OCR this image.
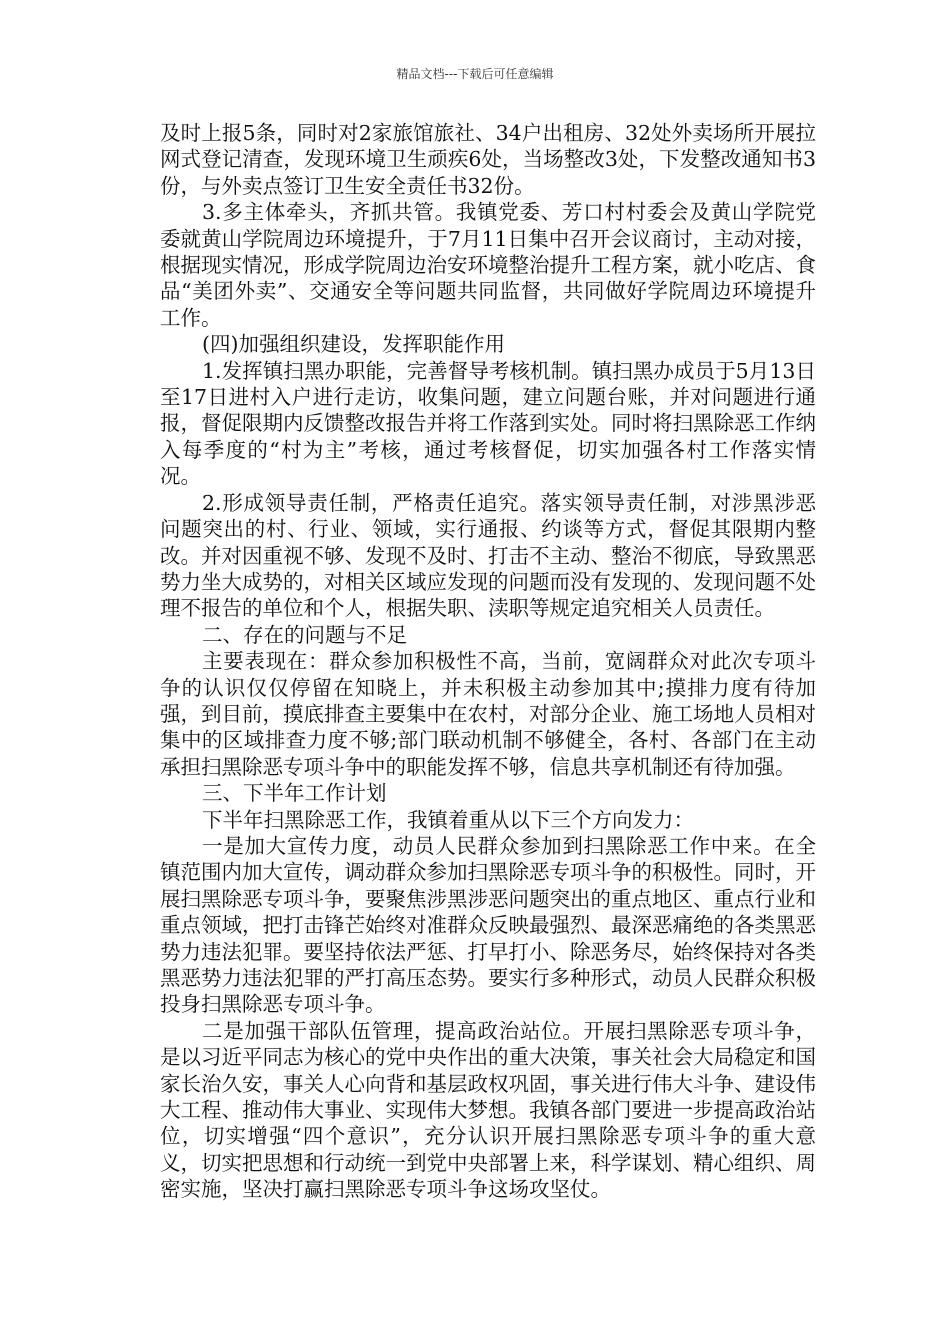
精品文档---下载后可任意编辑

及时上报5条，同时对2家旅馆旅社、34户出租房、32处外卖场所开展拉网式登记清查，发现环境卫生顽疾6处，当场整改3处，下发整改通知书3份，与外卖点签订卫生安全责任书32份。

3.多主体牵头，齐抓共管。我镇党委、芳口村村委会及黄山学院党委就黄山学院周边环境提升，于7月11日集中召开会议商讨，主动对接，根据现实情况，形成学院周边治安环境整治提升工程方案，就小吃店、食品“美团外卖”、交通安全等问题共同监督，共同做好学院周边环境提升工作。

(四)加强组织建设，发挥职能作用

1.发挥镇扫黑办职能，完善督导考核机制。镇扫黑办成员于5月13日至17日进村入户进行走访，收集问题，建立问题台账，并对问题进行通报，督促限期内反馈整改报告并将工作落到实处。同时将扫黑除恶工作纳入每季度的“村为主”考核，通过考核督促，切实加强各村工作落实情况。

2.形成领导责任制，严格责任追究。落实领导责任制，对涉黑涉恶问题突出的村、行业、领域，实行通报、约谈等方式，督促其限期内整改。并对因重视不够、发现不及时、打击不主动、整治不彻底，导致黑恶势力坐大成势的，对相关区域应发现的问题而没有发现的、发现问题不处理不报告的单位和个人，根据失职、渎职等规定追究相关人员责任。

二、存在的问题与不足

主要表现在：群众参加积极性不高，当前，宽阔群众对此次专项斗争的认识仅仅停留在知晓上，并未积极主动参加其中;摸排力度有待加强，到目前，摸底排查主要集中在农村，对部分企业、施工场地人员相对集中的区域排查力度不够;部门联动机制不够健全，各村、各部门在主动承担扫黑除恶专项斗争中的职能发挥不够，信息共享机制还有待加强。

三、下半年工作计划

下半年扫黑除恶工作，我镇着重从以下三个方向发力：

一是加大宣传力度，动员人民群众参加到扫黑除恶工作中来。在全镇范围内加大宣传，调动群众参加扫黑除恶专项斗争的积极性。同时，开展扫黑除恶专项斗争，要聚焦涉黑涉恶问题突出的重点地区、重点行业和重点领域，把打击锋芒始终对准群众反映最强烈、最深恶痛绝的各类黑恶势力违法犯罪。要坚持依法严惩、打早打小、除恶务尽，始终保持对各类黑恶势力违法犯罪的严打高压态势。要实行多种形式，动员人民群众积极投身扫黑除恶专项斗争。

二是加强干部队伍管理，提高政治站位。开展扫黑除恶专项斗争，是以习近平同志为核心的党中央作出的重大决策，事关社会大局稳定和国家长治久安，事关人心向背和基层政权巩固，事关进行伟大斗争、建设伟大工程、推动伟大事业、实现伟大梦想。我镇各部门要进一步提高政治站位，切实增强“四个意识”，充分认识开展扫黑除恶专项斗争的重大意义，切实把思想和行动统一到党中央部署上来，科学谋划、精心组织、周密实施，坚决打赢扫黑除恶专项斗争这场攻坚仗。
